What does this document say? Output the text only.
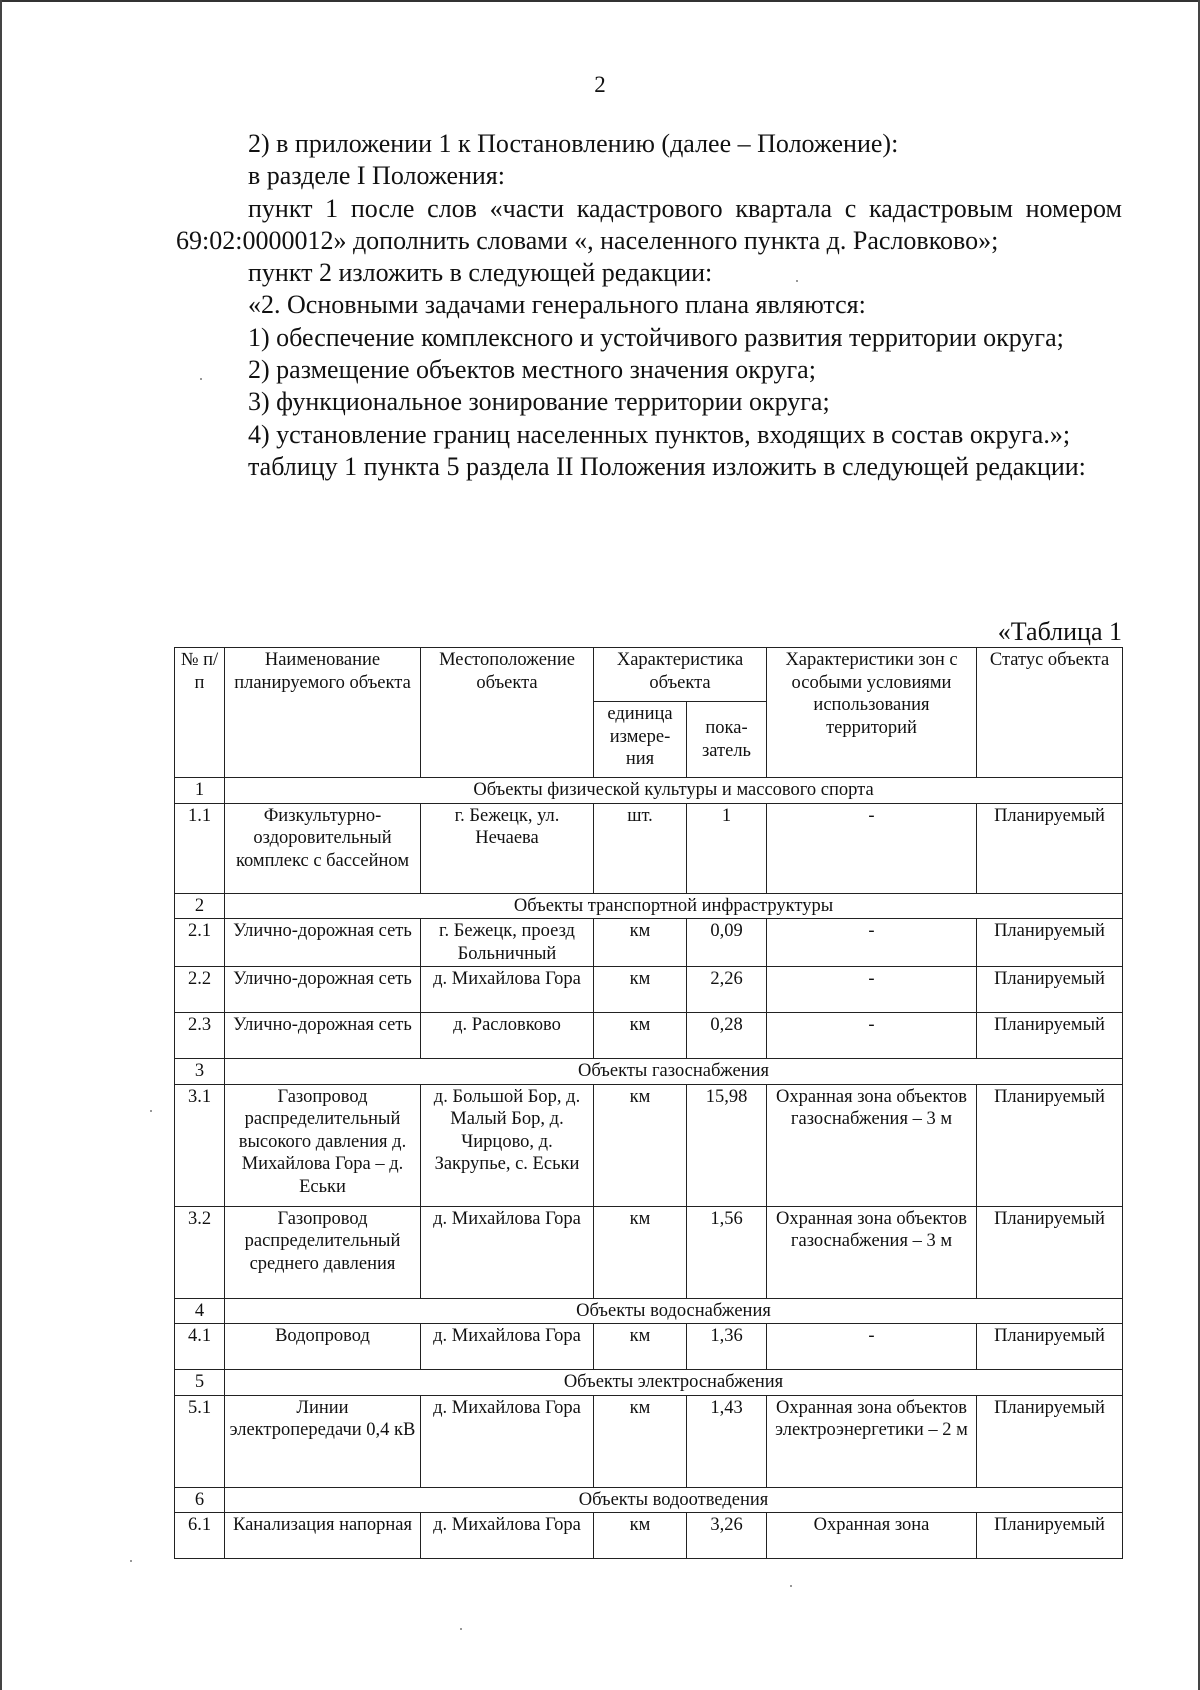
2

2) в приложении 1 к Постановлению (далее – Положение):

в разделе I Положения:

пункт 1 после слов «части кадастрового квартала с кадастровым номером 69:02:0000012» дополнить словами «, населенного пункта д. Расловково»;

пункт 2 изложить в следующей редакции:

«2. Основными задачами генерального плана являются:

1) обеспечение комплексного и устойчивого развития территории округа;

2) размещение объектов местного значения округа;

3) функциональное зонирование территории округа;

4) установление границ населенных пунктов, входящих в состав округа.»;

таблицу 1 пункта 5 раздела II Положения изложить в следующей редакции:

«Таблица 1
№ п/п	Наименование планируемого объекта	Местоположение объекта	Характеристика объекта		Характеристики зон с особыми условиями использования территорий	Статус объекта
			единица измере-ния	пока-затель		
1	Объекты физической культуры и массового спорта					
1.1	Физкультурно-оздоровительный комплекс с бассейном	г. Бежецк, ул. Нечаева	шт.	1	-	Планируемый
2	Объекты транспортной инфраструктуры					
2.1	Улично-дорожная сеть	г. Бежецк, проезд Больничный	км	0,09	-	Планируемый
2.2	Улично-дорожная сеть	д. Михайлова Гора	км	2,26	-	Планируемый
2.3	Улично-дорожная сеть	д. Расловково	км	0,28	-	Планируемый
3	Объекты газоснабжения					
3.1	Газопровод распределительный высокого давления д. Михайлова Гора – д. Еськи	д. Большой Бор, д. Малый Бор, д. Чирцово, д. Закрупье, с. Еськи	км	15,98	Охранная зона объектов газоснабжения – 3 м	Планируемый
3.2	Газопровод распределительный среднего давления	д. Михайлова Гора	км	1,56	Охранная зона объектов газоснабжения – 3 м	Планируемый
4	Объекты водоснабжения					
4.1	Водопровод	д. Михайлова Гора	км	1,36	-	Планируемый
5	Объекты электроснабжения					
5.1	Линии электропередачи 0,4 кВ	д. Михайлова Гора	км	1,43	Охранная зона объектов электроэнергетики – 2 м	Планируемый
6	Объекты водоотведения					
6.1	Канализация напорная	д. Михайлова Гора	км	3,26	Охранная зона	Планируемый
